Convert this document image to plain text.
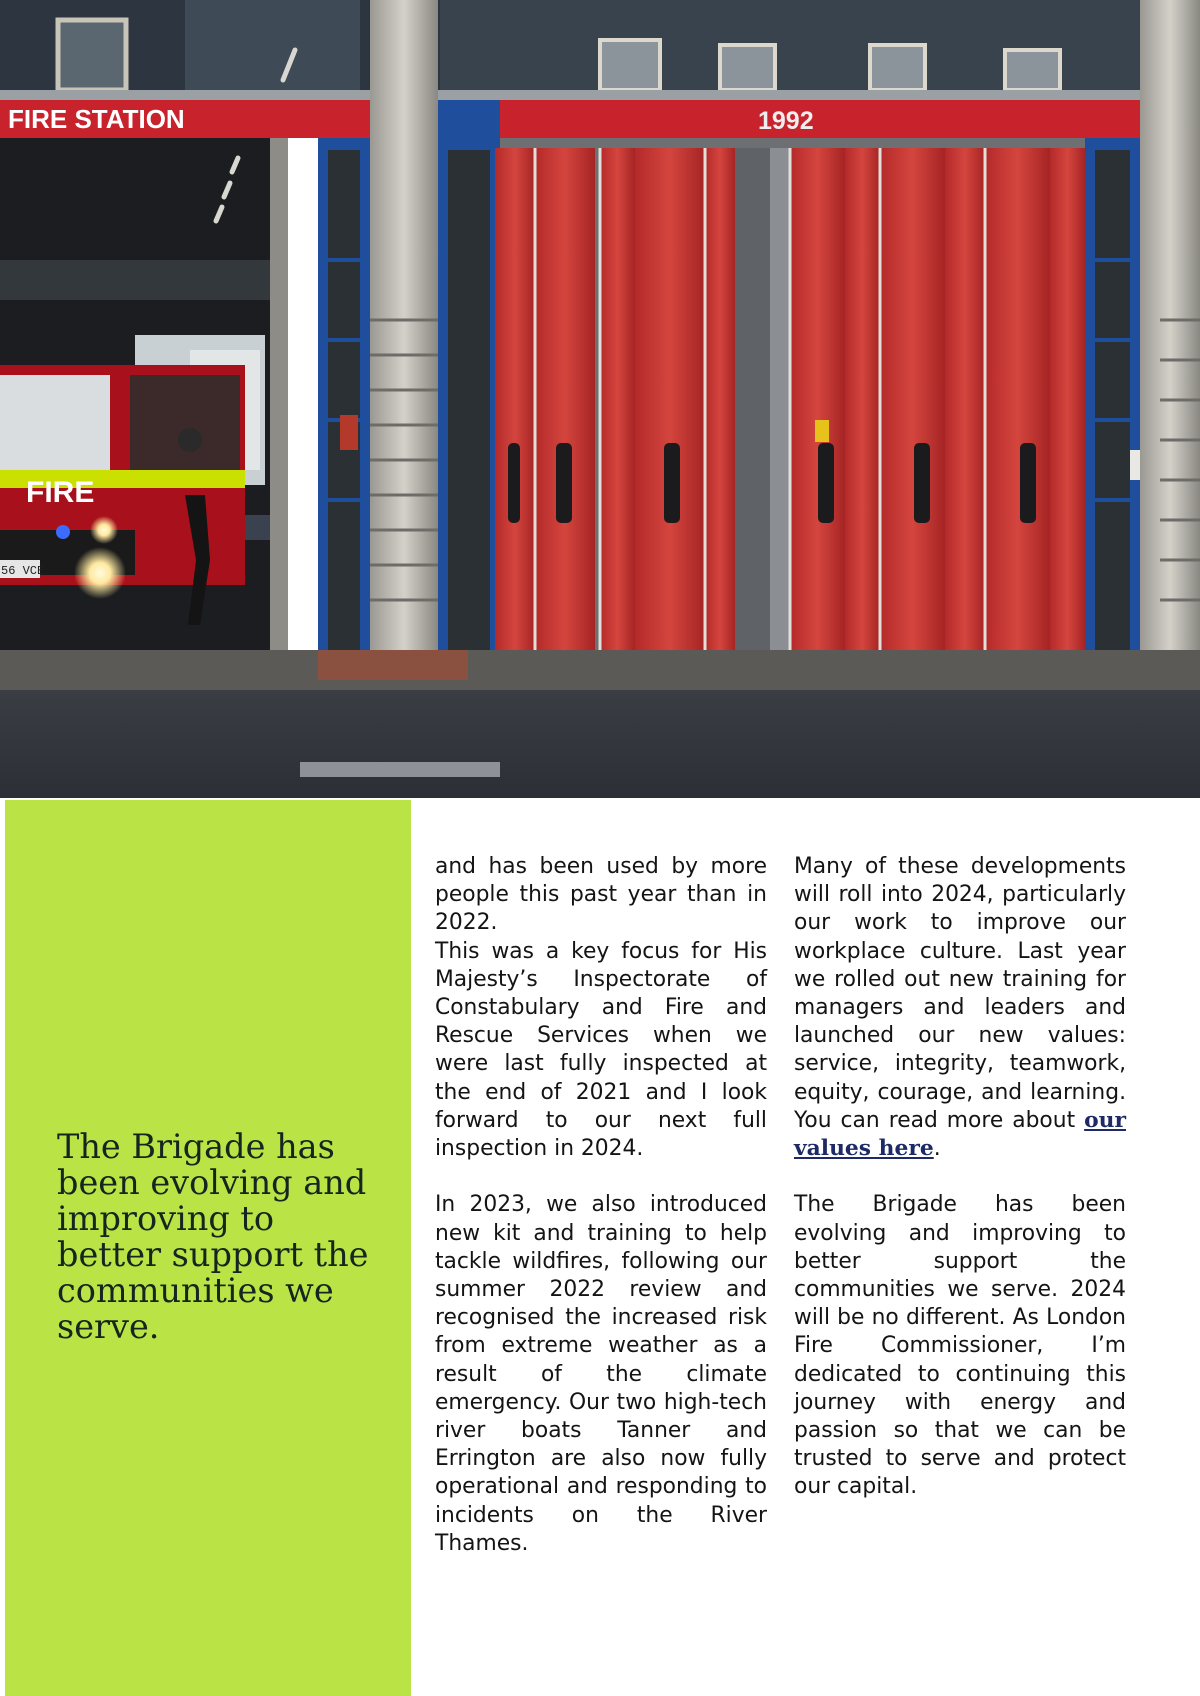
FIRE STATION	1992
FIRE
56 VCE
The Brigade has been evolving and improving to better support the communities we serve.

and has been used by more people this past year than in 2022.

This was a key focus for His Majesty’s Inspectorate of Constabulary and Fire and Rescue Services when we were last fully inspected at the end of 2021 and I look forward to our next full inspection in 2024.

In 2023, we also introduced new kit and training to help tackle wildfires, following our summer 2022 review and recognised the increased risk from extreme weather as a result of the climate emergency. Our two high-tech river boats Tanner and Errington are also now fully operational and responding to incidents on the River Thames.

Many of these developments will roll into 2024, particularly our work to improve our workplace culture. Last year we rolled out new training for managers and leaders and launched our new values: service, integrity, teamwork, equity, courage, and learning. You can read more about our values here.

The Brigade has been evolving and improving to better support the communities we serve. 2024 will be no different. As London Fire Commissioner, I’m dedicated to continuing this journey with energy and passion so that we can be trusted to serve and protect our capital.
